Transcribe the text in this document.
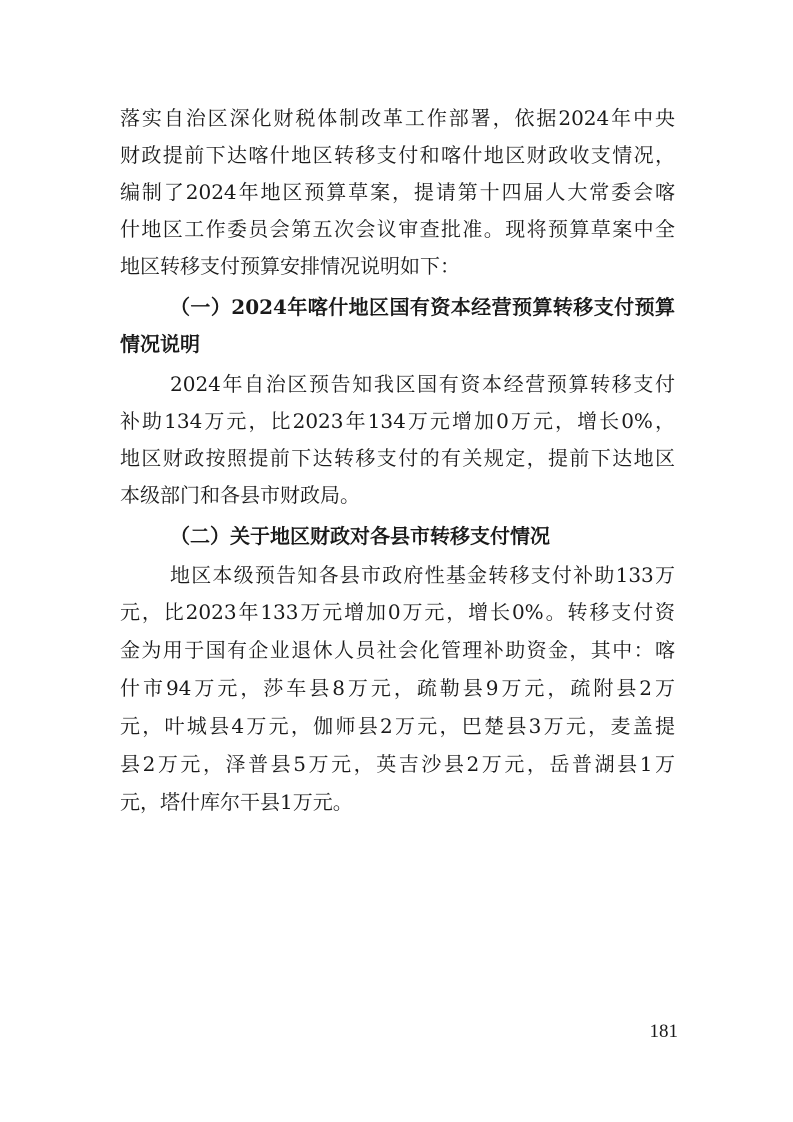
落实自治区深化财税体制改革工作部署，依据2024年中央
财政提前下达喀什地区转移支付和喀什地区财政收支情况，
编制了2024年地区预算草案，提请第十四届人大常委会喀
什地区工作委员会第五次会议审查批准。现将预算草案中全
地区转移支付预算安排情况说明如下：
（一）2024年喀什地区国有资本经营预算转移支付预算
情况说明
2024年自治区预告知我区国有资本经营预算转移支付
补助134万元，比2023年134万元增加0万元，增长0%，
地区财政按照提前下达转移支付的有关规定，提前下达地区
本级部门和各县市财政局。
（二）关于地区财政对各县市转移支付情况
地区本级预告知各县市政府性基金转移支付补助133万
元，比2023年133万元增加0万元，增长0%。转移支付资
金为用于国有企业退休人员社会化管理补助资金，其中：喀
什市94万元，莎车县8万元，疏勒县9万元，疏附县2万
元，叶城县4万元，伽师县2万元，巴楚县3万元，麦盖提
县2万元，泽普县5万元，英吉沙县2万元，岳普湖县1万
元，塔什库尔干县1万元。
181
